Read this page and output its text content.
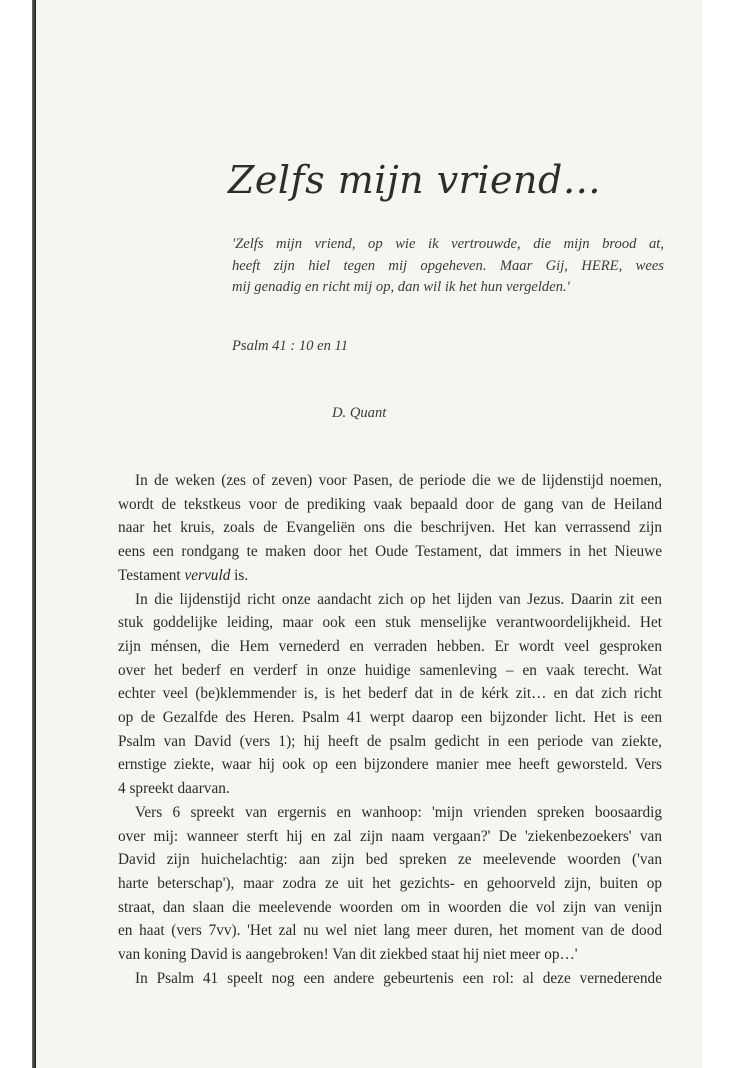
Zelfs mijn vriend…

'Zelfs mijn vriend, op wie ik vertrouwde, die mijn brood at,
heeft zijn hiel tegen mij opgeheven. Maar Gij, HERE, wees
mij genadig en richt mij op, dan wil ik het hun vergelden.'

Psalm 41 : 10 en 11
D. Quant
In de weken (zes of zeven) voor Pasen, de periode die we de lijdenstijd noemen,
wordt de tekstkeus voor de prediking vaak bepaald door de gang van de Heiland
naar het kruis, zoals de Evangeliën ons die beschrijven. Het kan verrassend zijn
eens een rondgang te maken door het Oude Testament, dat immers in het Nieuwe
Testament vervuld is.
In die lijdenstijd richt onze aandacht zich op het lijden van Jezus. Daarin zit een
stuk goddelijke leiding, maar ook een stuk menselijke verantwoordelijkheid. Het
zijn ménsen, die Hem vernederd en verraden hebben. Er wordt veel gesproken
over het bederf en verderf in onze huidige samenleving – en vaak terecht. Wat
echter veel (be)klemmender is, is het bederf dat in de kérk zit… en dat zich richt
op de Gezalfde des Heren. Psalm 41 werpt daarop een bijzonder licht. Het is een
Psalm van David (vers 1); hij heeft de psalm gedicht in een periode van ziekte,
ernstige ziekte, waar hij ook op een bijzondere manier mee heeft geworsteld. Vers
4 spreekt daarvan.
Vers 6 spreekt van ergernis en wanhoop: 'mijn vrienden spreken boosaardig
over mij: wanneer sterft hij en zal zijn naam vergaan?' De 'ziekenbezoekers' van
David zijn huichelachtig: aan zijn bed spreken ze meelevende woorden ('van
harte beterschap'), maar zodra ze uit het gezichts- en gehoorveld zijn, buiten op
straat, dan slaan die meelevende woorden om in woorden die vol zijn van venijn
en haat (vers 7vv). 'Het zal nu wel niet lang meer duren, het moment van de dood
van koning David is aangebroken! Van dit ziekbed staat hij niet meer op…'
In Psalm 41 speelt nog een andere gebeurtenis een rol: al deze vernederende
